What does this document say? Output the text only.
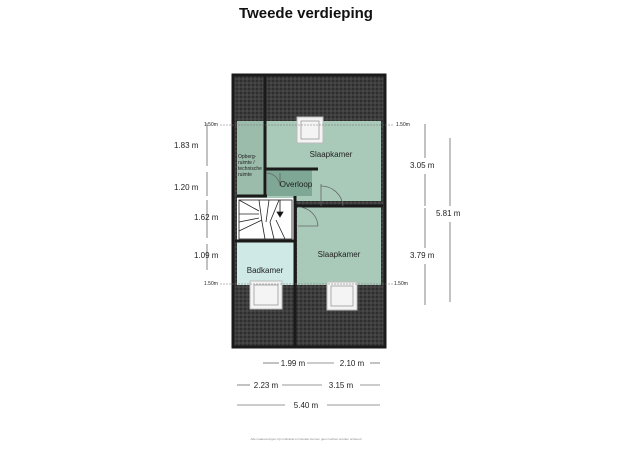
Tweede verdieping
1.50m	1.50m
1.50m	1.50m
Slaapkamer
Slaapkamer
Overloop
Badkamer
Opberg-
ruimte /
technische
ruimte
1.83 m
1.20 m
1.62 m
1.09 m
3.05 m
3.79 m
5.81 m
1.99 m	2.10 m
2.23 m	3.15 m
5.40 m
Alle maatvoeringen zijn indicatief en hieraan kunnen geen rechten worden ontleend
